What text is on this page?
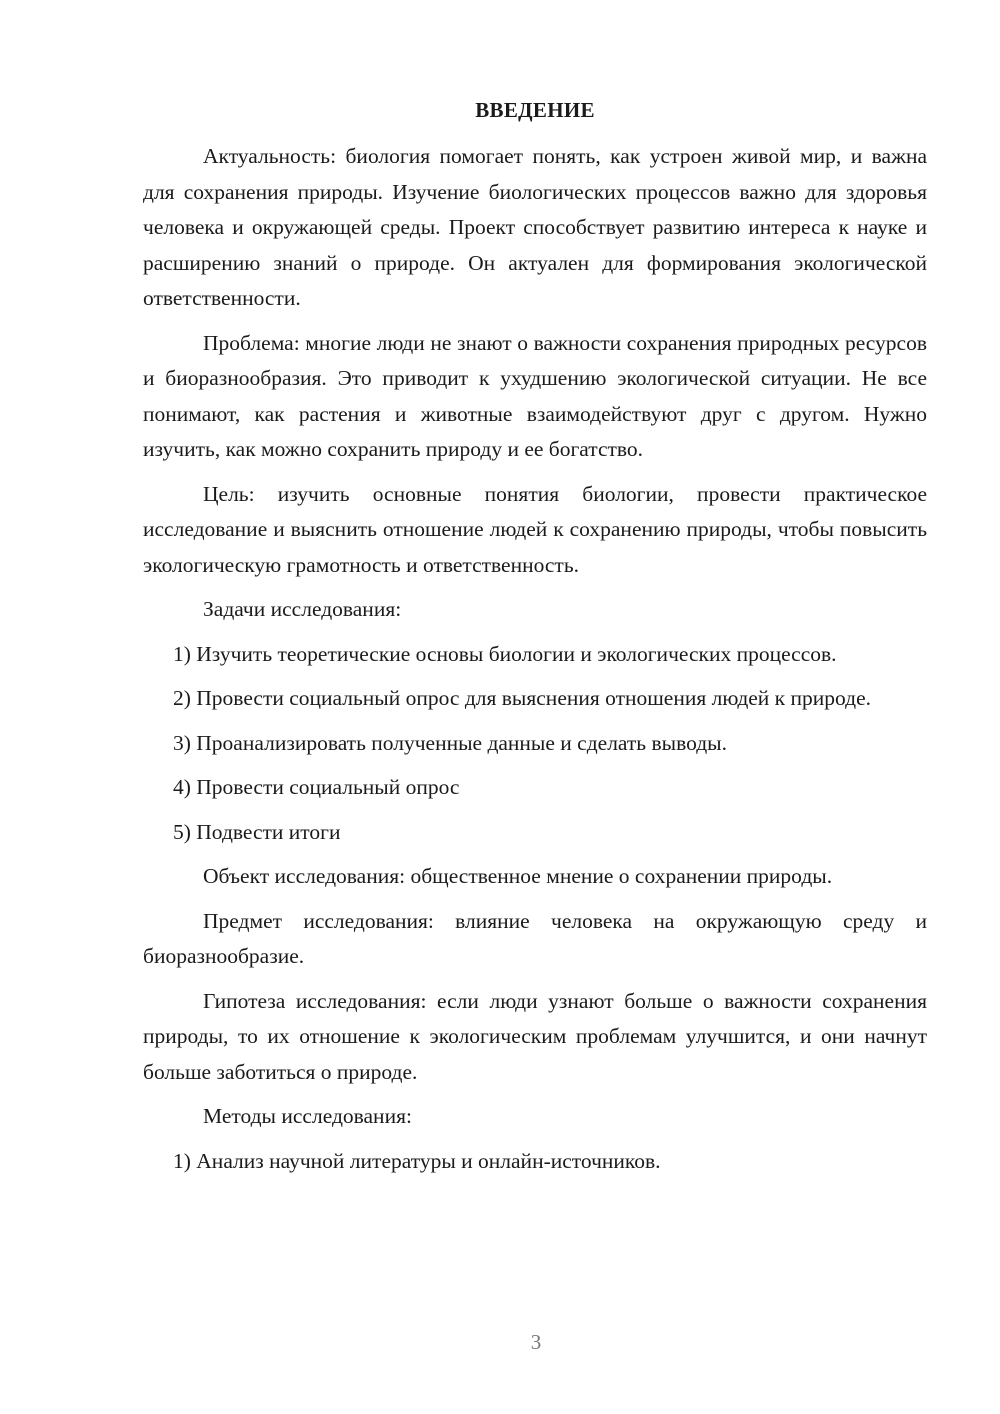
ВВЕДЕНИЕ

Актуальность: биология помогает понять, как устроен живой мир, и важна для сохранения природы. Изучение биологических процессов важно для здоровья человека и окружающей среды. Проект способствует развитию интереса к науке и расширению знаний о природе. Он актуален для формирования экологической ответственности.

Проблема: многие люди не знают о важности сохранения природных ресурсов и биоразнообразия. Это приводит к ухудшению экологической ситуации. Не все понимают, как растения и животные взаимодействуют друг с другом. Нужно изучить, как можно сохранить природу и ее богатство.

Цель: изучить основные понятия биологии, провести практическое исследование и выяснить отношение людей к сохранению природы, чтобы повысить экологическую грамотность и ответственность.

Задачи исследования:

1) Изучить теоретические основы биологии и экологических процессов.

2) Провести социальный опрос для выяснения отношения людей к природе.

3) Проанализировать полученные данные и сделать выводы.

4) Провести социальный опрос

5) Подвести итоги

Объект исследования: общественное мнение о сохранении природы.

Предмет исследования: влияние человека на окружающую среду и биоразнообразие.

Гипотеза исследования: если люди узнают больше о важности сохранения природы, то их отношение к экологическим проблемам улучшится, и они начнут больше заботиться о природе.

Методы исследования:

1) Анализ научной литературы и онлайн-источников.

3
